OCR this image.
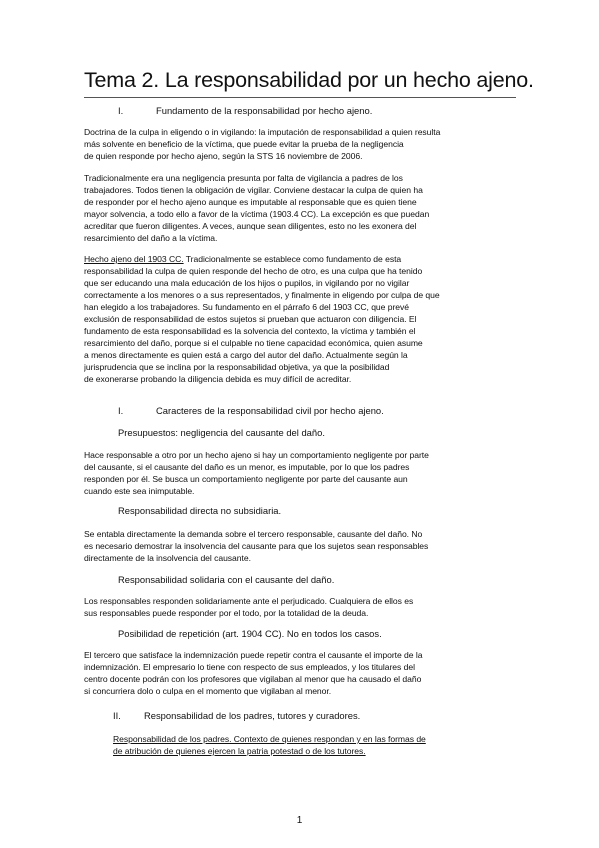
Tema 2. La responsabilidad por un hecho ajeno.
I.	Fundamento de la responsabilidad por hecho ajeno.
Doctrina de la culpa in eligendo o in vigilando: la imputación de responsabilidad a quien resulta
más solvente en beneficio de la víctima, que puede evitar la prueba de la negligencia
de quien responde por hecho ajeno, según la STS 16 noviembre de 2006.
Tradicionalmente era una negligencia presunta por falta de vigilancia a padres de los
trabajadores. Todos tienen la obligación de vigilar. Conviene destacar la culpa de quien ha
de responder por el hecho ajeno aunque es imputable al responsable que es quien tiene
mayor solvencia, a todo ello a favor de la víctima (1903.4 CC). La excepción es que puedan
acreditar que fueron diligentes. A veces, aunque sean diligentes, esto no les exonera del
resarcimiento del daño a la víctima.
Hecho ajeno del 1903 CC. Tradicionalmente se establece como fundamento de esta
responsabilidad la culpa de quien responde del hecho de otro, es una culpa que ha tenido
que ser educando una mala educación de los hijos o pupilos, in vigilando por no vigilar
correctamente a los menores o a sus representados, y finalmente in eligendo por culpa de que
han elegido a los trabajadores. Su fundamento en el párrafo 6 del 1903 CC, que prevé
exclusión de responsabilidad de estos sujetos si prueban que actuaron con diligencia. El
fundamento de esta responsabilidad es la solvencia del contexto, la víctima y también el
resarcimiento del daño, porque si el culpable no tiene capacidad económica, quien asume
a menos directamente es quien está a cargo del autor del daño. Actualmente según la
jurisprudencia que se inclina por la responsabilidad objetiva, ya que la posibilidad
de exonerarse probando la diligencia debida es muy difícil de acreditar.
I.	Caracteres de la responsabilidad civil por hecho ajeno.
Presupuestos: negligencia del causante del daño.
Hace responsable a otro por un hecho ajeno si hay un comportamiento negligente por parte
del causante, si el causante del daño es un menor, es imputable, por lo que los padres
responden por él. Se busca un comportamiento negligente por parte del causante aun
cuando este sea inimputable.
Responsabilidad directa no subsidiaria.
Se entabla directamente la demanda sobre el tercero responsable, causante del daño. No
es necesario demostrar la insolvencia del causante para que los sujetos sean responsables
directamente de la insolvencia del causante.
Responsabilidad solidaria con el causante del daño.
Los responsables responden solidariamente ante el perjudicado. Cualquiera de ellos es
sus responsables puede responder por el todo, por la totalidad de la deuda.
Posibilidad de repetición (art. 1904 CC). No en todos los casos.
El tercero que satisface la indemnización puede repetir contra el causante el importe de la
indemnización. El empresario lo tiene con respecto de sus empleados, y los titulares del
centro docente podrán con los profesores que vigilaban al menor que ha causado el daño
si concurriera dolo o culpa en el momento que vigilaban al menor.
II. Responsabilidad de los padres, tutores y curadores.
Responsabilidad de los padres. Contexto de quienes respondan y en las formas de
de atribución de quienes ejercen la patria potestad o de los tutores.
1
